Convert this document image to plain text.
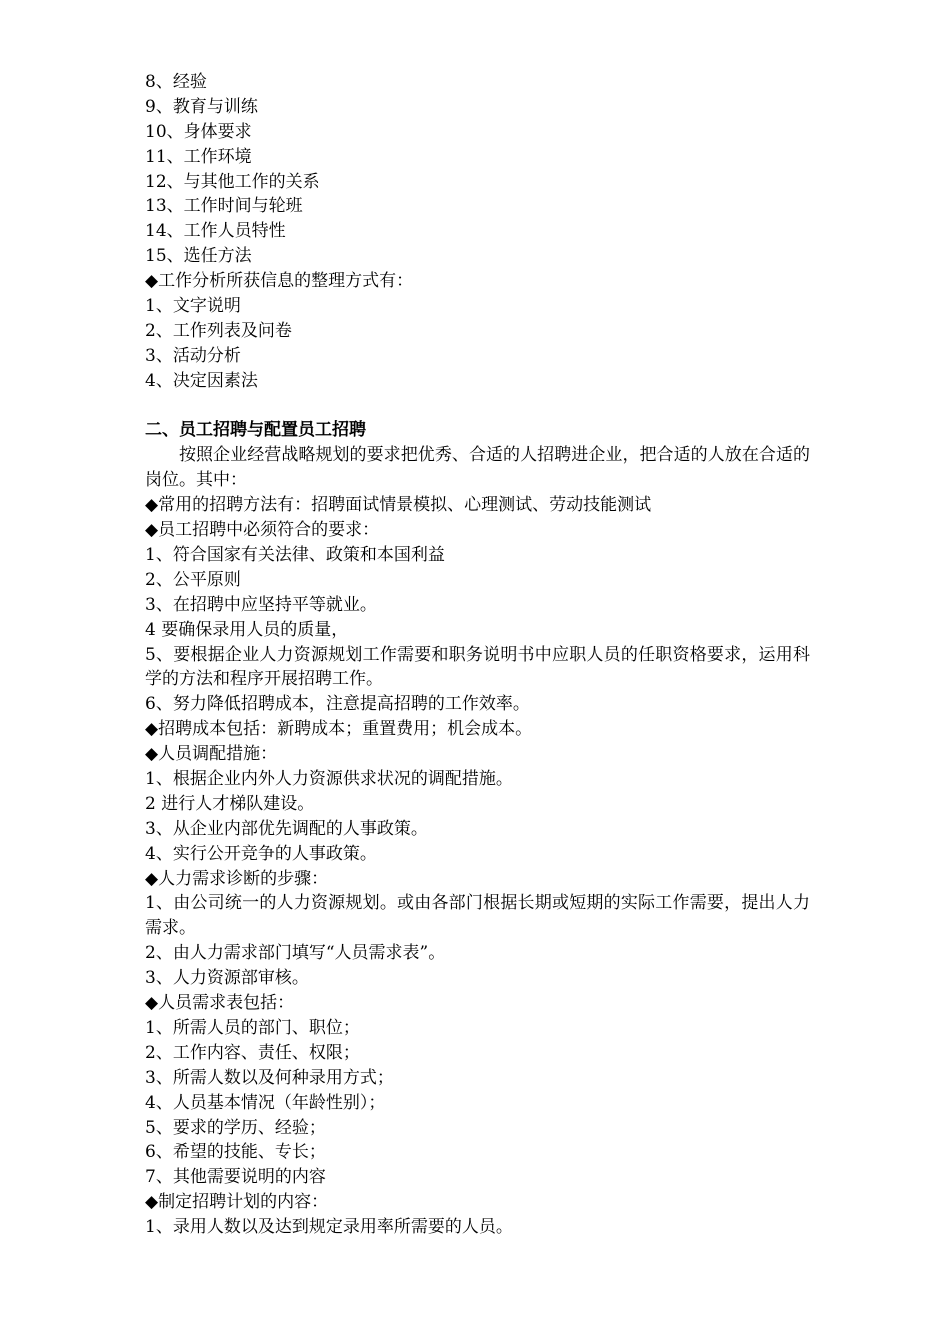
8、经验
9、教育与训练
10、身体要求
11、工作环境
12、与其他工作的关系
13、工作时间与轮班
14、工作人员特性
15、选任方法
◆工作分析所获信息的整理方式有：
1、文字说明
2、工作列表及问卷
3、活动分析
4、决定因素法
二、员工招聘与配置员工招聘
按照企业经营战略规划的要求把优秀、合适的人招聘进企业，把合适的人放在合适的岗位。其中：
◆常用的招聘方法有：招聘面试情景模拟、心理测试、劳动技能测试
◆员工招聘中必须符合的要求：
1、符合国家有关法律、政策和本国利益
2、公平原则
3、在招聘中应坚持平等就业。
4 要确保录用人员的质量，
5、要根据企业人力资源规划工作需要和职务说明书中应职人员的任职资格要求，运用科学的方法和程序开展招聘工作。
6、努力降低招聘成本，注意提高招聘的工作效率。
◆招聘成本包括：新聘成本；重置费用；机会成本。
◆人员调配措施：
1、根据企业内外人力资源供求状况的调配措施。
2 进行人才梯队建设。
3、从企业内部优先调配的人事政策。
4、实行公开竞争的人事政策。
◆人力需求诊断的步骤：
1、由公司统一的人力资源规划。或由各部门根据长期或短期的实际工作需要，提出人力需求。
2、由人力需求部门填写“人员需求表”。
3、人力资源部审核。
◆人员需求表包括：
1、所需人员的部门、职位；
2、工作内容、责任、权限；
3、所需人数以及何种录用方式；
4、人员基本情况（年龄性别）；
5、要求的学历、经验；
6、希望的技能、专长；
7、其他需要说明的内容
◆制定招聘计划的内容：
1、录用人数以及达到规定录用率所需要的人员。
